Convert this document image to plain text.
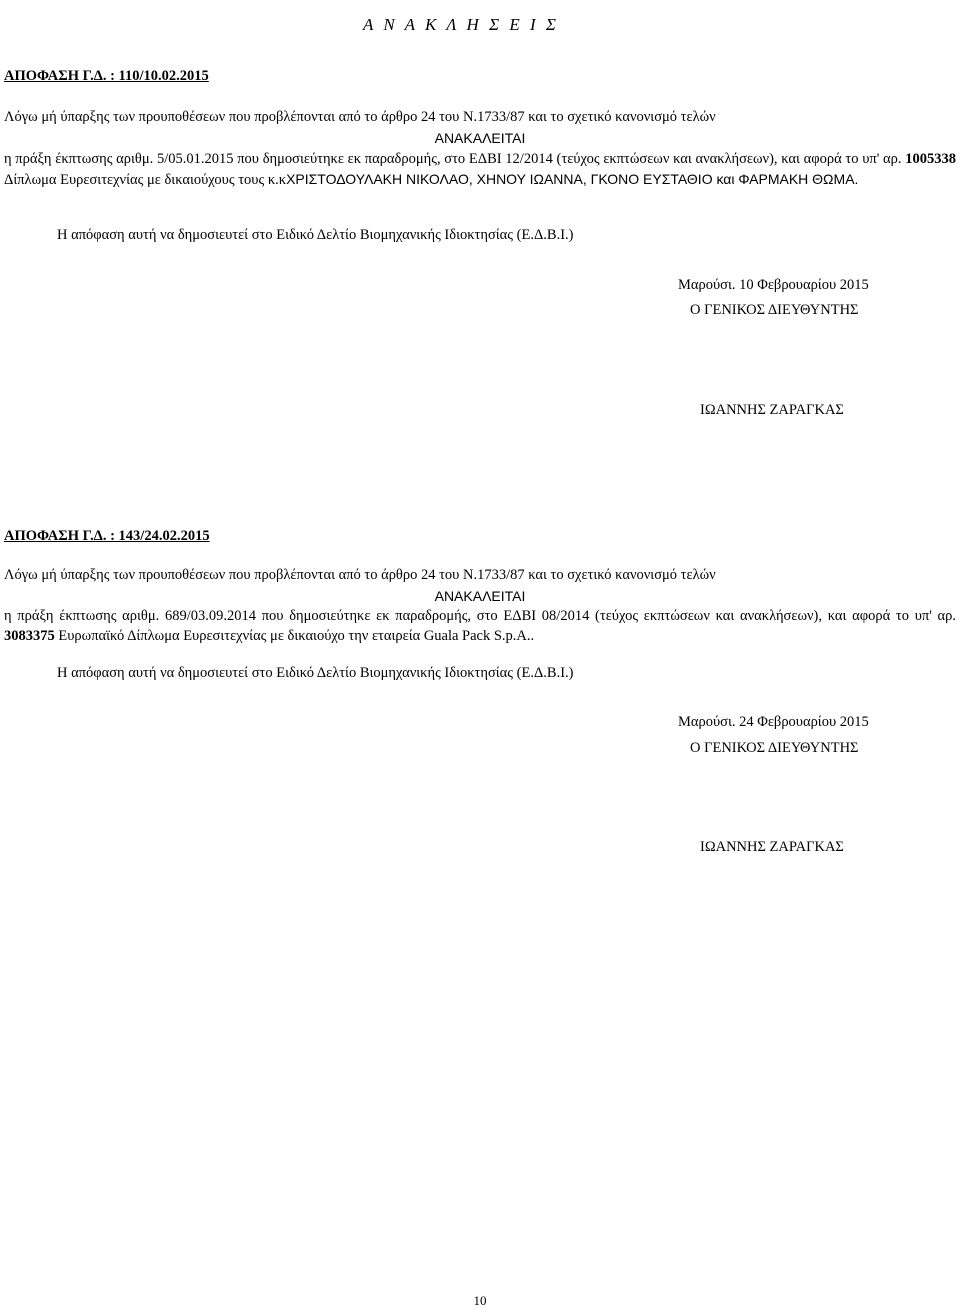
Α Ν Α Κ Λ Η Σ Ε Ι Σ
ΑΠΟΦΑΣΗ Γ.Δ. : 110/10.02.2015
Λόγω μή ύπαρξης των προυποθέσεων που προβλέπονται από το άρθρο 24 του Ν.1733/87 και το σχετικό κανονισμό τελών
ΑΝΑΚΑΛΕΙΤΑΙ
η πράξη έκπτωσης αριθμ. 5/05.01.2015 που δημοσιεύτηκε εκ παραδρομής, στο ΕΔΒΙ 12/2014 (τεύχος εκπτώσεων και ανακλήσεων), και αφορά το υπ' αρ. 1005338 Δίπλωμα Ευρεσιτεχνίας με δικαιούχους τους κ.κΧΡΙΣΤΟΔΟΥΛΑΚΗ ΝΙΚΟΛΑΟ, ΧΗΝΟΥ ΙΩΑΝΝΑ, ΓΚΟΝΟ ΕΥΣΤΑΘΙΟ και ΦΑΡΜΑΚΗ ΘΩΜΑ.
Η απόφαση αυτή να δημοσιευτεί στο Ειδικό Δελτίο Βιομηχανικής Ιδιοκτησίας (Ε.Δ.Β.Ι.)
Μαρούσι. 10 Φεβρουαρίου 2015
Ο ΓΕΝΙΚΟΣ ΔΙΕΥΘΥΝΤΗΣ
ΙΩΑΝΝΗΣ ΖΑΡΑΓΚΑΣ
ΑΠΟΦΑΣΗ Γ.Δ. : 143/24.02.2015
Λόγω μή ύπαρξης των προυποθέσεων που προβλέπονται από το άρθρο 24 του Ν.1733/87 και το σχετικό κανονισμό τελών
ΑΝΑΚΑΛΕΙΤΑΙ
η πράξη έκπτωσης αριθμ. 689/03.09.2014 που δημοσιεύτηκε εκ παραδρομής, στο ΕΔΒΙ 08/2014 (τεύχος εκπτώσεων και ανακλήσεων), και αφορά το υπ' αρ. 3083375 Ευρωπαϊκό Δίπλωμα Ευρεσιτεχνίας με δικαιούχο την εταιρεία Guala Pack S.p.A..
Η απόφαση αυτή να δημοσιευτεί στο Ειδικό Δελτίο Βιομηχανικής Ιδιοκτησίας (Ε.Δ.Β.Ι.)
Μαρούσι. 24 Φεβρουαρίου 2015
Ο ΓΕΝΙΚΟΣ ΔΙΕΥΘΥΝΤΗΣ
ΙΩΑΝΝΗΣ ΖΑΡΑΓΚΑΣ
10
